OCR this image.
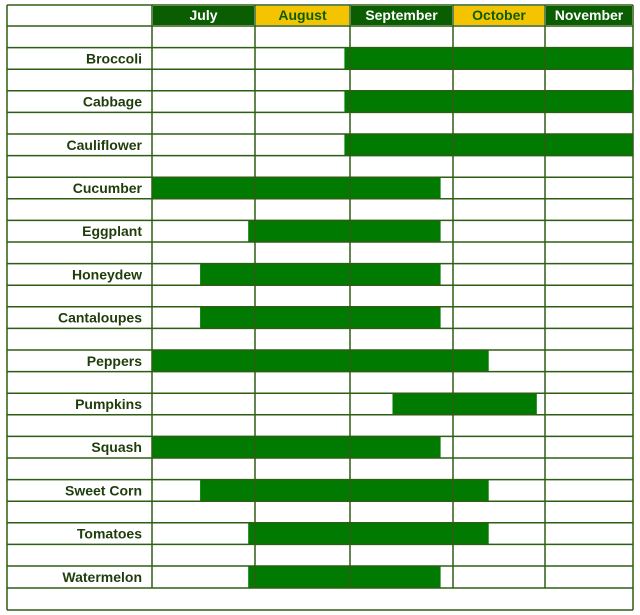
July	August	September October November
Broccoli
Cabbage
Cauliflower
Cucumber
Eggplant
Honeydew
Cantaloupes
Peppers
Pumpkins
Squash
Sweet Corn
Tomatoes
Watermelon
